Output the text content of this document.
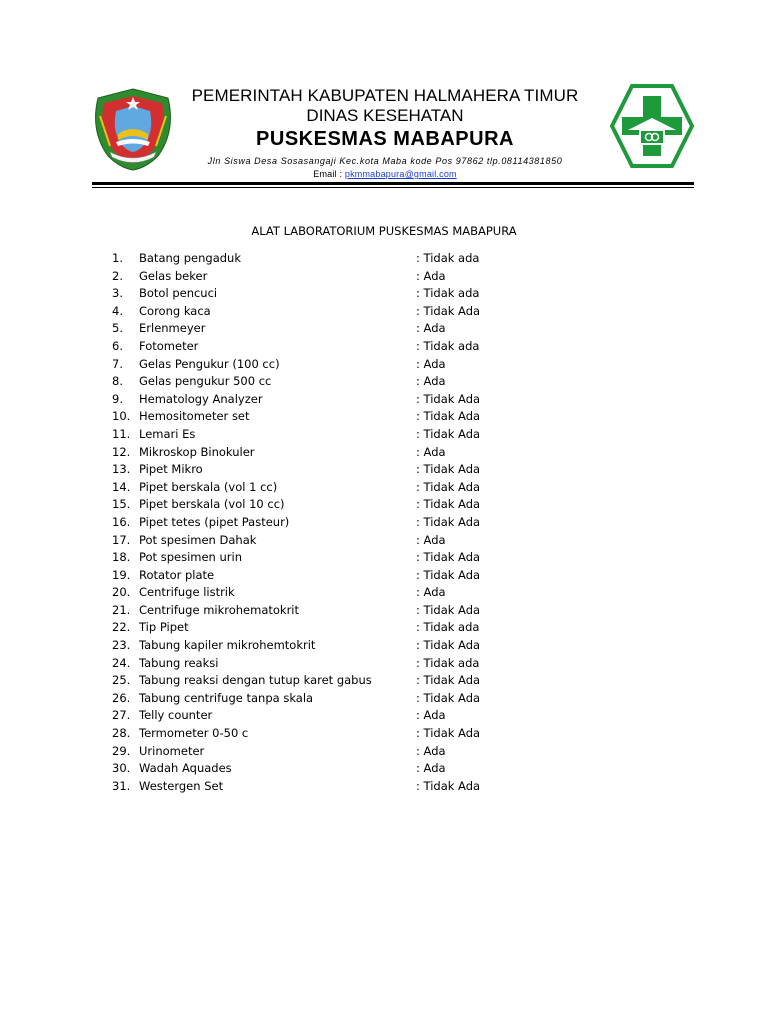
PEMERINTAH KABUPATEN HALMAHERA TIMUR
DINAS KESEHATAN
PUSKESMAS MABAPURA
Jln Siswa Desa Sosasangaji Kec.kota Maba kode Pos 97862 tlp.08114381850
Email : pkmmabapura@gmail.com
ALAT LABORATORIUM PUSKESMAS MABAPURA
1. Batang pengaduk	: Tidak ada
2. Gelas beker	: Ada
3. Botol pencuci	: Tidak ada
4. Corong kaca	: Tidak Ada
5. Erlenmeyer	: Ada
6. Fotometer	: Tidak ada
7. Gelas Pengukur (100 cc)	: Ada
8. Gelas pengukur 500 cc	: Ada
9. Hematology Analyzer	: Tidak Ada
10. Hemositometer set	: Tidak Ada
11. Lemari Es	: Tidak Ada
12. Mikroskop Binokuler	: Ada
13. Pipet Mikro	: Tidak Ada
14. Pipet berskala (vol 1 cc)	: Tidak Ada
15. Pipet berskala (vol 10 cc)	: Tidak Ada
16. Pipet tetes (pipet Pasteur)	: Tidak Ada
17. Pot spesimen Dahak	: Ada
18. Pot spesimen urin	: Tidak Ada
19. Rotator plate	: Tidak Ada
20. Centrifuge listrik	: Ada
21. Centrifuge mikrohematokrit	: Tidak Ada
22. Tip Pipet	: Tidak ada
23. Tabung kapiler mikrohemtokrit	: Tidak Ada
24. Tabung reaksi	: Tidak ada
25. Tabung reaksi dengan tutup karet gabus	: Tidak Ada
26. Tabung centrifuge tanpa skala	: Tidak Ada
27. Telly counter	: Ada
28. Termometer 0-50 c	: Tidak Ada
29. Urinometer	: Ada
30. Wadah Aquades	: Ada
31. Westergen Set	: Tidak Ada
